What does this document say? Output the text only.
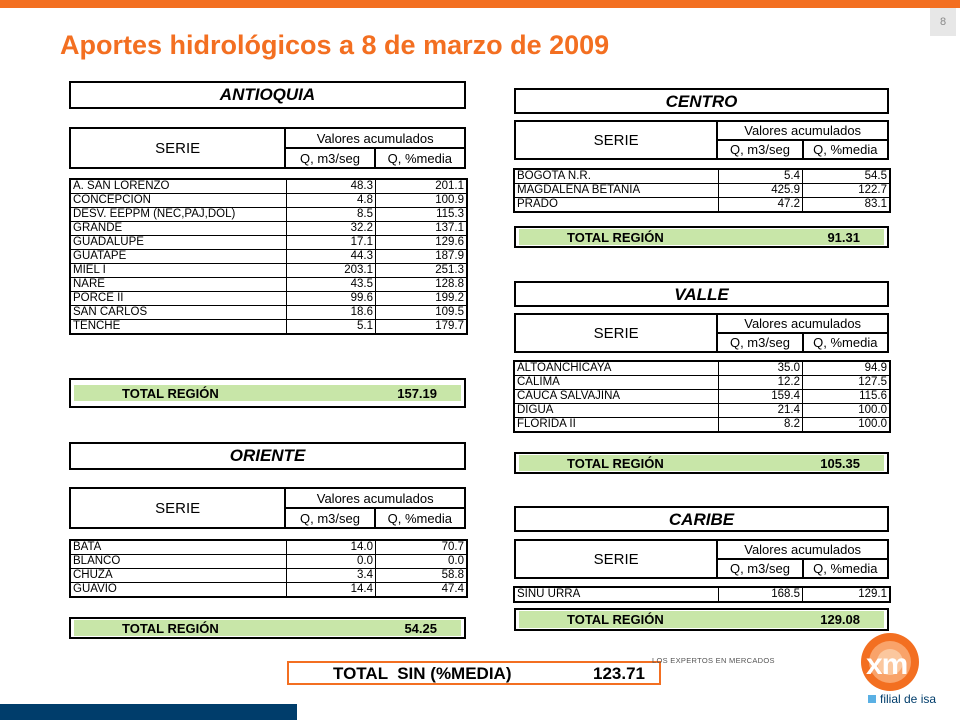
8
Aportes hidrológicos a 8 de marzo de 2009
ANTIOQUIA
SERIE	Valores acumulados	
	Q, m3/seg	Q, %media
A. SAN LORENZO	48.3	201.1
CONCEPCIÓN	4.8	100.9
DESV. EEPPM (NEC,PAJ,DOL)	8.5	115.3
GRANDE	32.2	137.1
GUADALUPE	17.1	129.6
GUATAPE	44.3	187.9
MIEL I	203.1	251.3
NARE	43.5	128.8
PORCE II	99.6	199.2
SAN CARLOS	18.6	109.5
TENCHE	5.1	179.7
TOTAL REGIÓN	157.19
ORIENTE
SERIE	Valores acumulados	
	Q, m3/seg	Q, %media
BATA	14.0	70.7
BLANCO	0.0	0.0
CHUZA	3.4	58.8
GUAVIO	14.4	47.4
TOTAL REGIÓN	54.25
CENTRO
SERIE	Valores acumulados	
	Q, m3/seg	Q, %media
BOGOTA N.R.	5.4	54.5
MAGDALENA BETANIA	425.9	122.7
PRADO	47.2	83.1
TOTAL REGIÓN	91.31
VALLE
SERIE	Valores acumulados	
	Q, m3/seg	Q, %media
ALTOANCHICAYA	35.0	94.9
CALIMA	12.2	127.5
CAUCA SALVAJINA	159.4	115.6
DIGUA	21.4	100.0
FLORIDA II	8.2	100.0
TOTAL REGIÓN	105.35
CARIBE
SERIE	Valores acumulados	
	Q, m3/seg	Q, %media
SINU URRA	168.5	129.1
TOTAL REGIÓN	129.08
TOTAL  SIN (%MEDIA)	123.71
LOS EXPERTOS EN MERCADOS	xm
filial de isa
